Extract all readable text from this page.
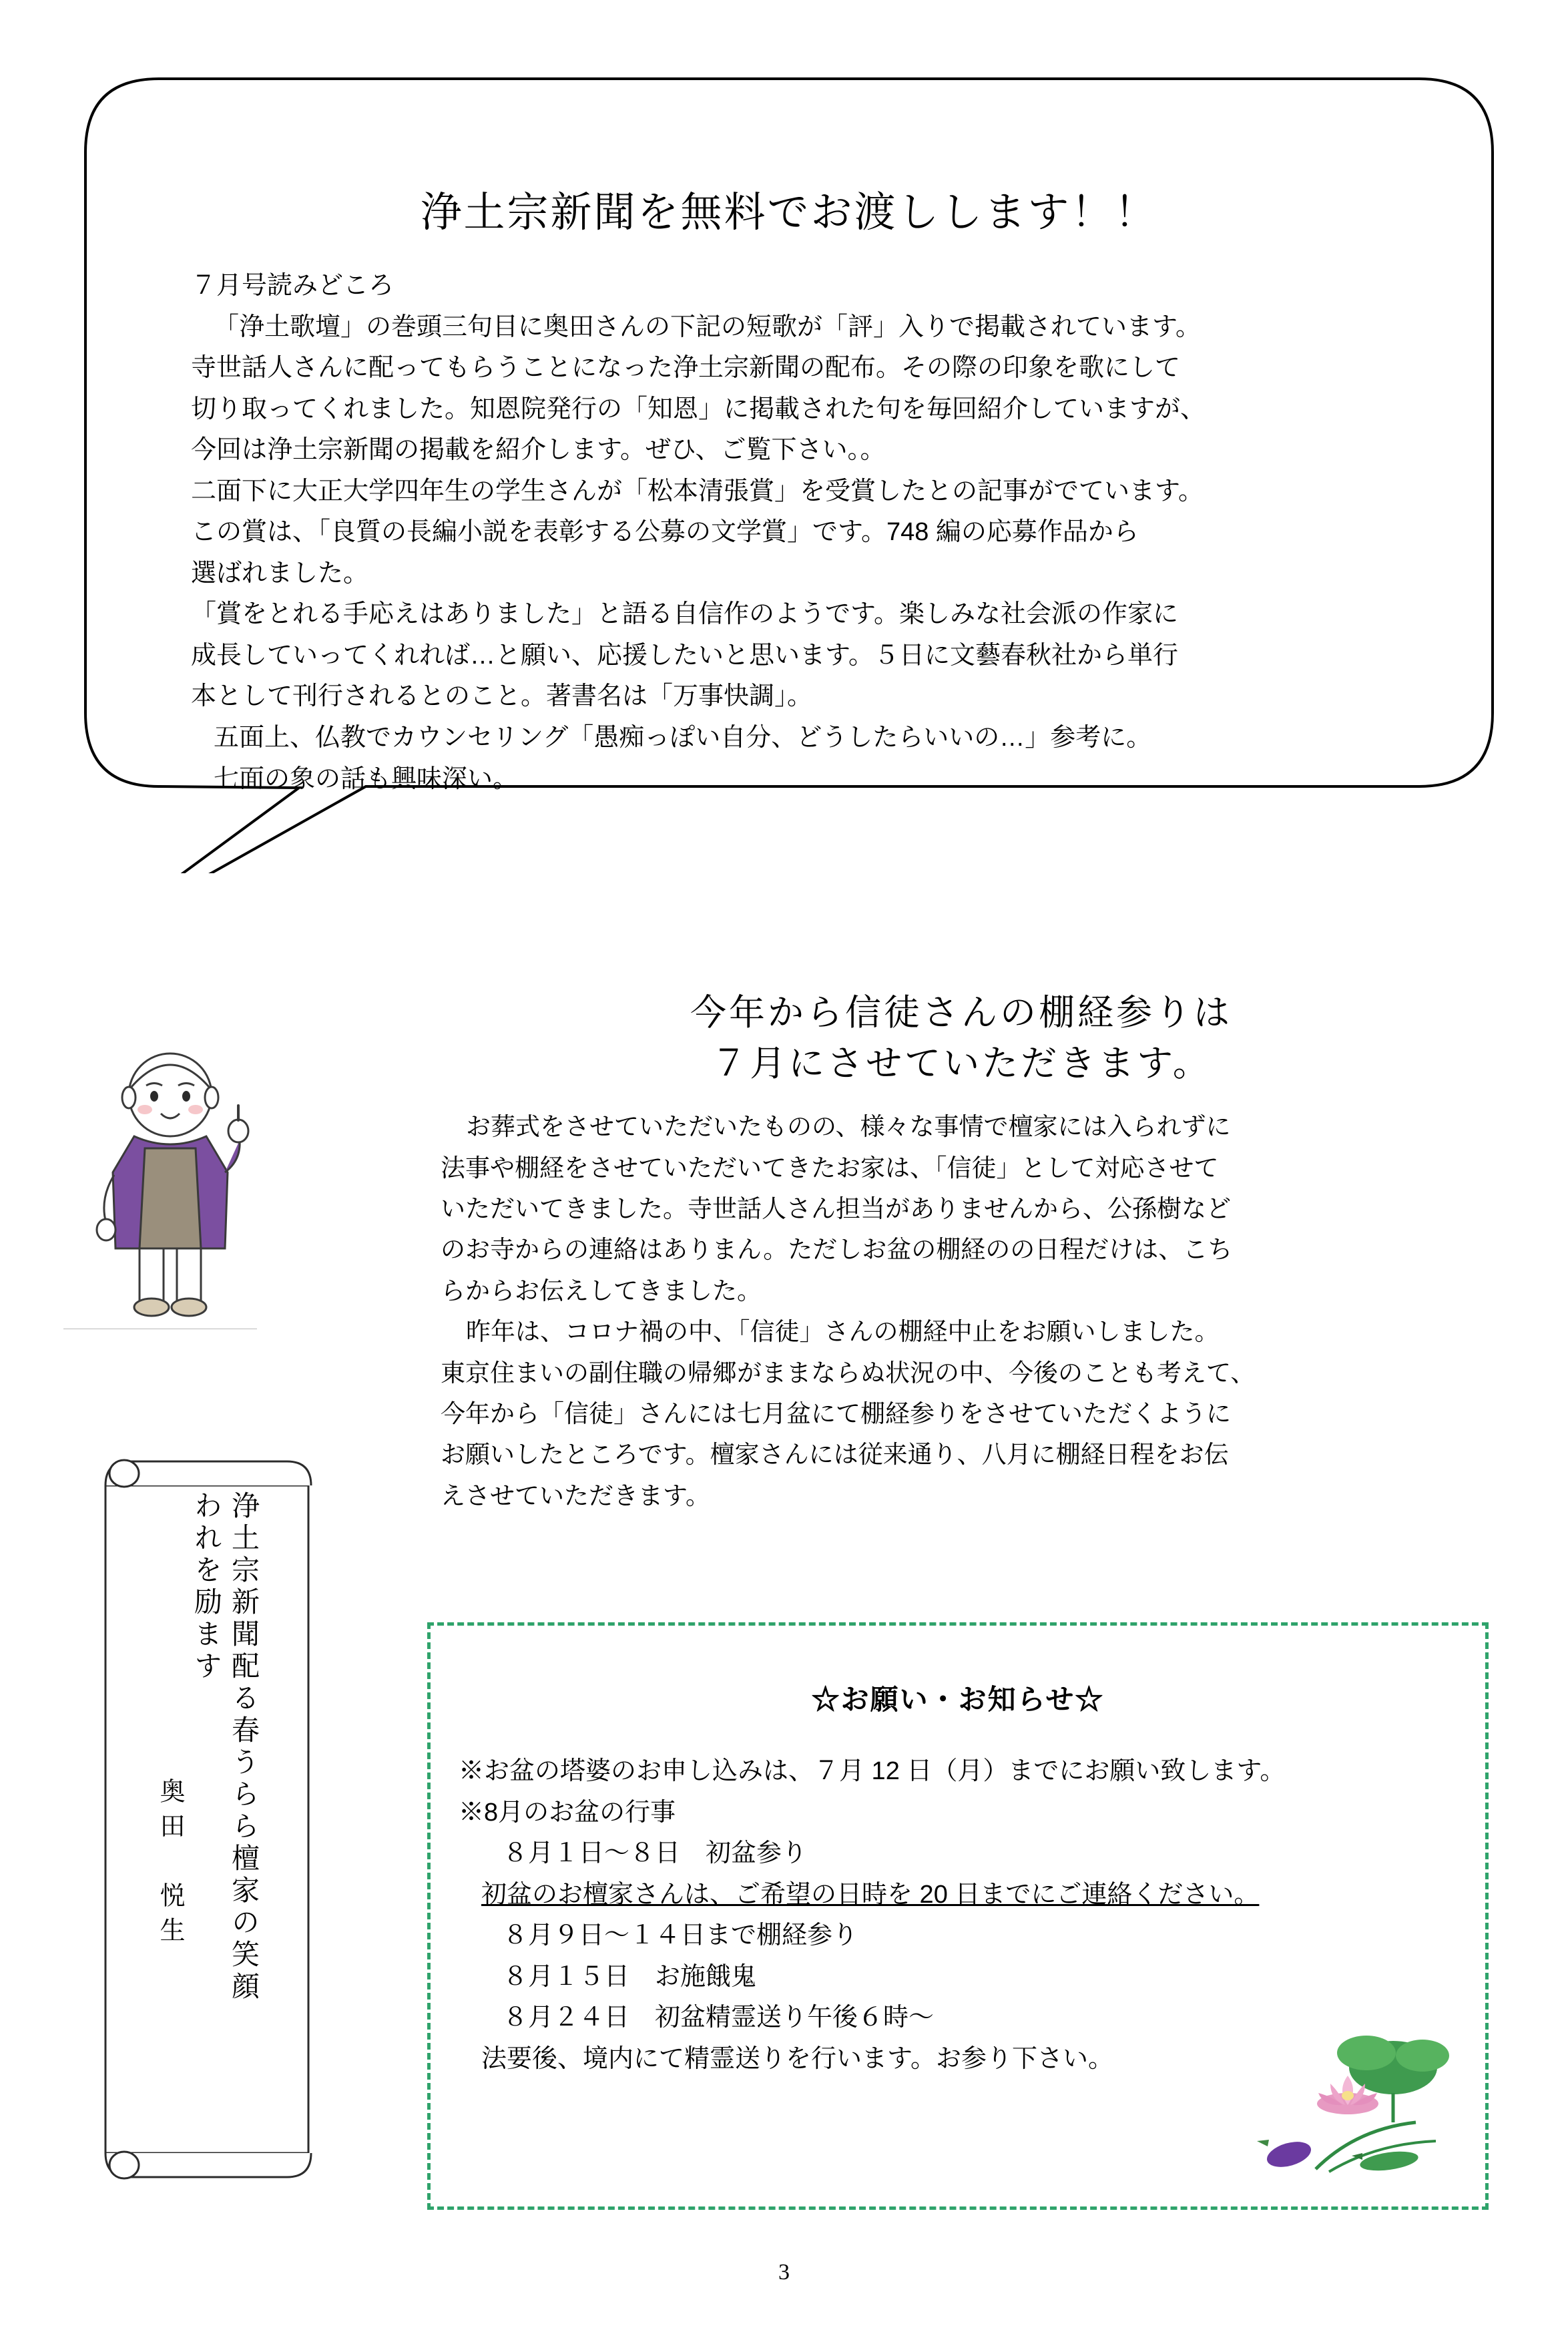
浄土宗新聞を無料でお渡しします！！

７月号読みどころ

「浄土歌壇」の巻頭三句目に奥田さんの下記の短歌が「評」入りで掲載されています。

寺世話人さんに配ってもらうことになった浄土宗新聞の配布。その際の印象を歌にして

切り取ってくれました。知恩院発行の「知恩」に掲載された句を毎回紹介していますが、

今回は浄土宗新聞の掲載を紹介します。ぜひ、ご覧下さい。。

二面下に大正大学四年生の学生さんが「松本清張賞」を受賞したとの記事がでています。

この賞は、「良質の長編小説を表彰する公募の文学賞」です。748 編の応募作品から

選ばれました。

「賞をとれる手応えはありました」と語る自信作のようです。楽しみな社会派の作家に

成長していってくれれば…と願い、応援したいと思います。５日に文藝春秋社から単行

本として刊行されるとのこと。著書名は「万事快調」。

五面上、仏教でカウンセリング「愚痴っぽい自分、どうしたらいいの…」参考に。

七面の象の話も興味深い。

浄土宗新聞配る春うらら檀家の笑顔
われを励ます
奥田　悦生
今年から信徒さんの棚経参りは
７月にさせていただきます。

お葬式をさせていただいたものの、様々な事情で檀家には入られずに

法事や棚経をさせていただいてきたお家は、「信徒」として対応させて

いただいてきました。寺世話人さん担当がありませんから、公孫樹など

のお寺からの連絡はありまん。ただしお盆の棚経のの日程だけは、こち

らからお伝えしてきました。

昨年は、コロナ禍の中、「信徒」さんの棚経中止をお願いしました。

東京住まいの副住職の帰郷がままならぬ状況の中、今後のことも考えて、

今年から「信徒」さんには七月盆にて棚経参りをさせていただくように

お願いしたところです。檀家さんには従来通り、八月に棚経日程をお伝

えさせていただきます。

☆お願い・お知らせ☆

※お盆の塔婆のお申し込みは、７月 12 日（月）までにお願い致します。

※8月のお盆の行事

８月１日〜８日　初盆参り

初盆のお檀家さんは、ご希望の日時を 20 日までにご連絡ください。

８月９日〜１４日まで棚経参り

８月１５日　お施餓鬼

８月２４日　初盆精霊送り午後６時〜

法要後、境内にて精霊送りを行います。お参り下さい。

3
